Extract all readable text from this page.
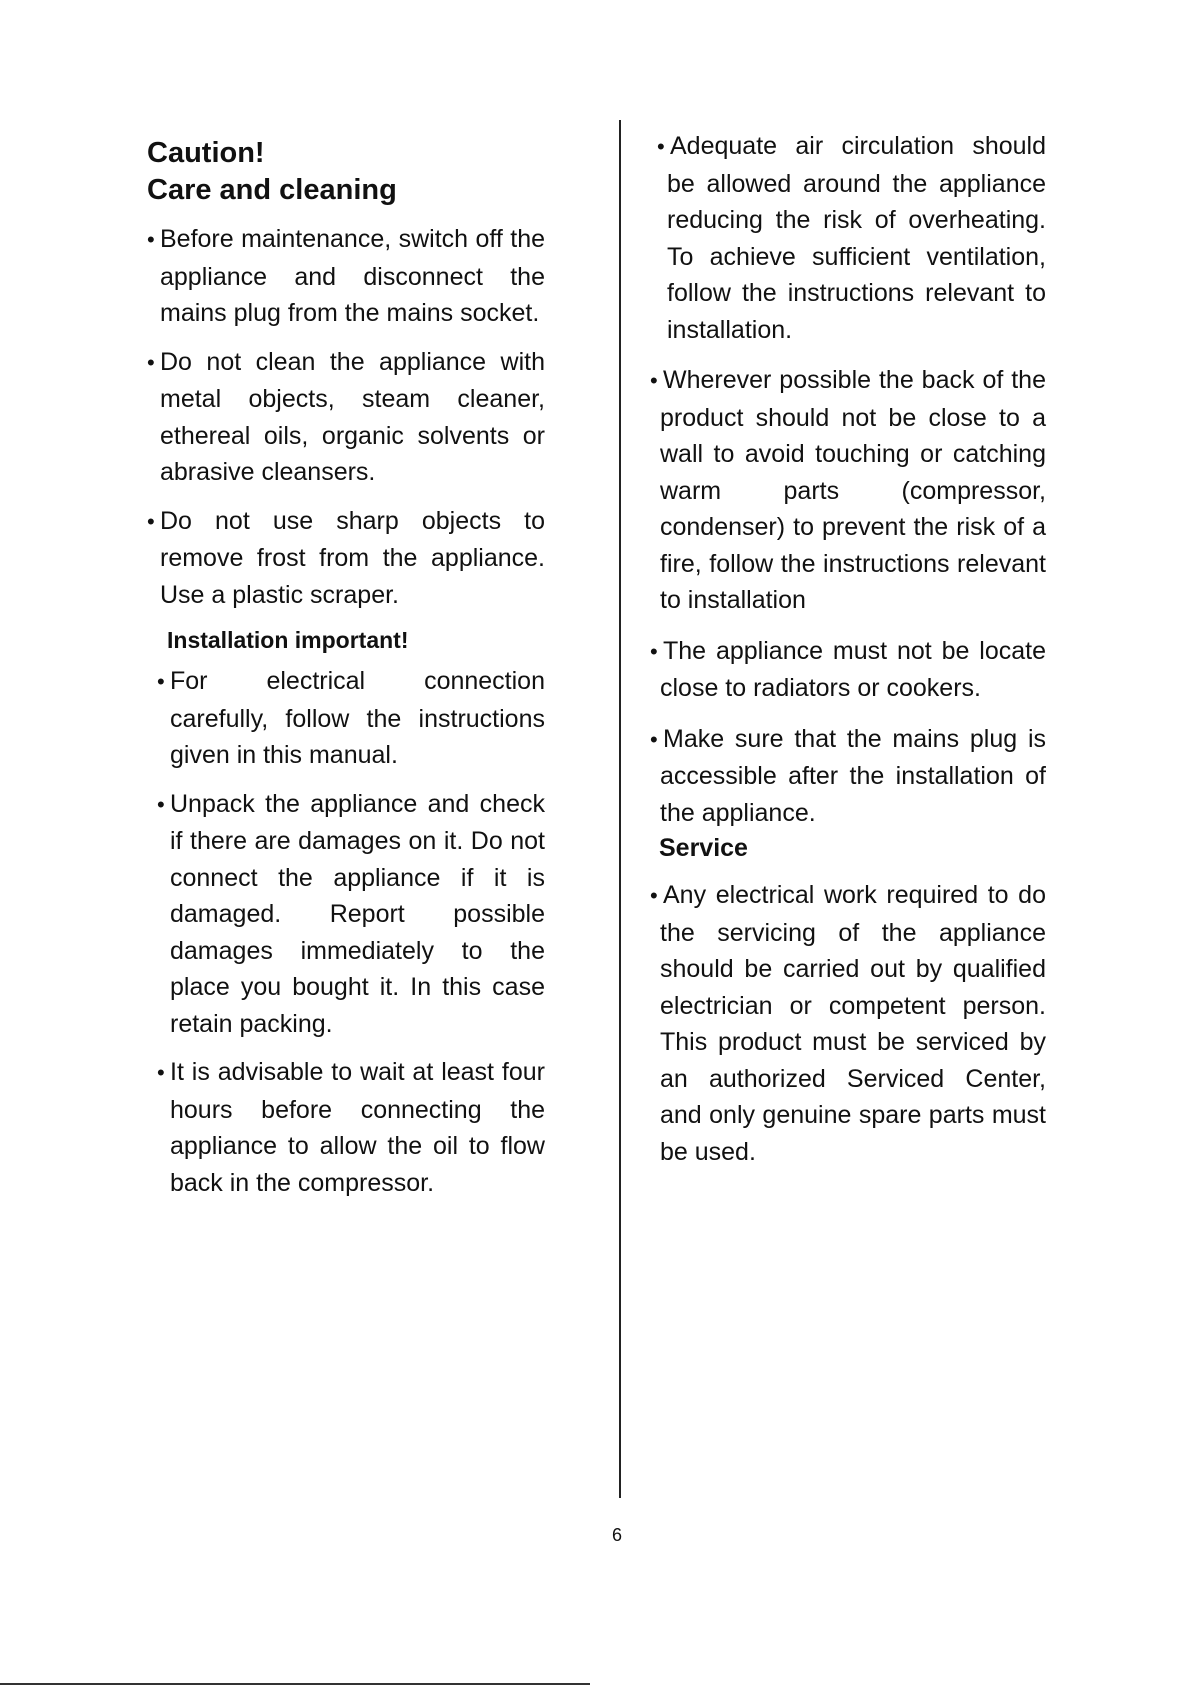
Caution!

Care and cleaning

• Before maintenance, switch off the appliance and disconnect the mains plug from the mains socket.

• Do not clean the appliance with metal objects, steam cleaner, ethereal oils, organic solvents or abrasive cleansers.

• Do not use sharp objects to remove frost from the appliance. Use a plastic scraper.

Installation important!

• For electrical connection carefully, follow the instructions given in this manual.

• Unpack the appliance and check if there are damages on it. Do not connect the appliance if it is damaged. Report possible damages immediately to the place you bought it. In this case retain packing.

• It is advisable to wait at least four hours before connecting the appliance to allow the oil to flow back in the compressor.

• Adequate air circulation should be allowed around the appliance reducing the risk of overheating. To achieve sufficient ventilation, follow the instructions relevant to installation.

• Wherever possible the back of the product should not be close to a wall to avoid touching or catching warm parts (compressor, condenser) to prevent the risk of a fire, follow the instructions relevant to installation

• The appliance must not be locate close to radiators or cookers.

• Make sure that the mains plug is accessible after the installation of the appliance.

Service

• Any electrical work required to do the servicing of the appliance should be carried out by qualified electrician or competent person. This product must be serviced by an authorized Serviced Center, and only genuine spare parts must be used.

6
